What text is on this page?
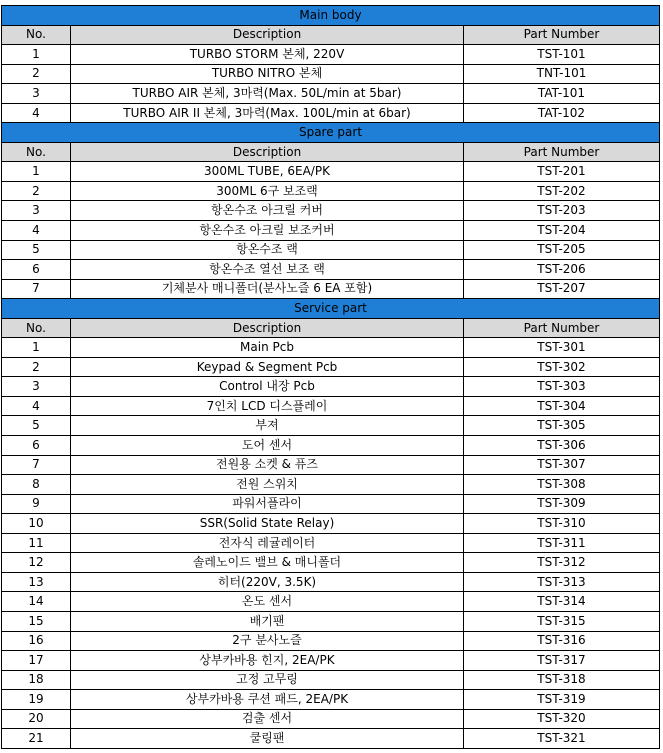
Main body		
No.	Description	Part Number
1	TURBO STORM 본체, 220V	TST-101
2	TURBO NITRO 본체	TNT-101
3	TURBO AIR 본체, 3마력(Max. 50L/min at 5bar)	TAT-101
4	TURBO AIR II 본체, 3마력(Max. 100L/min at 6bar)	TAT-102
Spare part		
No.	Description	Part Number
1	300ML TUBE, 6EA/PK	TST-201
2	300ML 6구 보조랙	TST-202
3	항온수조 아크릴 커버	TST-203
4	항온수조 아크릴 보조커버	TST-204
5	항온수조 랙	TST-205
6	항온수조 열선 보조 랙	TST-206
7	기체분사 매니폴더(분사노즐 6 EA 포함)	TST-207
Service part		
No.	Description	Part Number
1	Main Pcb	TST-301
2	Keypad & Segment Pcb	TST-302
3	Control 내장 Pcb	TST-303
4	7인치 LCD 디스플레이	TST-304
5	부져	TST-305
6	도어 센서	TST-306
7	전원용 소켓 & 퓨즈	TST-307
8	전원 스위치	TST-308
9	파워서플라이	TST-309
10	SSR(Solid State Relay)	TST-310
11	전자식 레귤레이터	TST-311
12	솔레노이드 밸브 & 매니폴더	TST-312
13	히터(220V, 3.5K)	TST-313
14	온도 센서	TST-314
15	배기팬	TST-315
16	2구 분사노즐	TST-316
17	상부카바용 힌지, 2EA/PK	TST-317
18	고정 고무링	TST-318
19	상부카바용 쿠션 패드, 2EA/PK	TST-319
20	검출 센서	TST-320
21	쿨링팬	TST-321
